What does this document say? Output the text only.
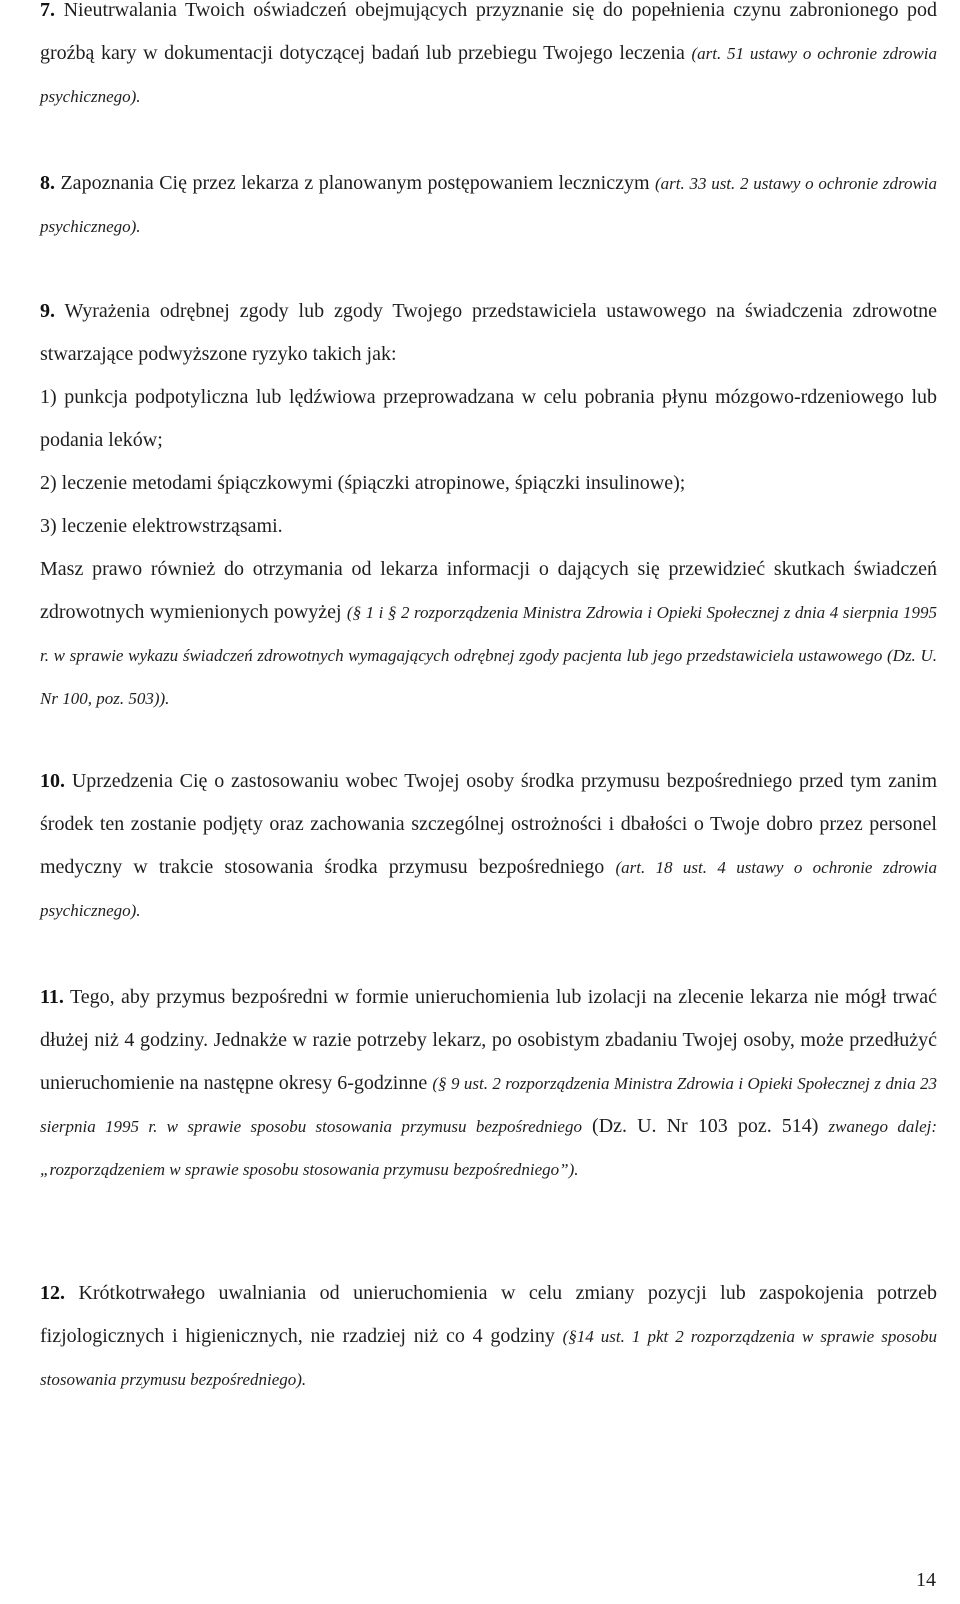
7. Nieutrwalania Twoich oświadczeń obejmujących przyznanie się do popełnienia czynu zabronionego pod groźbą kary w dokumentacji dotyczącej badań lub przebiegu Twojego leczenia (art. 51 ustawy o ochronie zdrowia psychicznego).

8. Zapoznania Cię przez lekarza z planowanym postępowaniem leczniczym (art. 33 ust. 2 ustawy o ochronie zdrowia psychicznego).

9. Wyrażenia odrębnej zgody lub zgody Twojego przedstawiciela ustawowego na świadczenia zdrowotne stwarzające podwyższone ryzyko takich jak:
1) punkcja podpotyliczna lub lędźwiowa przeprowadzana w celu pobrania płynu mózgowo-rdzeniowego lub podania leków;
2) leczenie metodami śpiączkowymi (śpiączki atropinowe, śpiączki insulinowe);
3) leczenie elektrowstrząsami.
Masz prawo również do otrzymania od lekarza informacji o dających się przewidzieć skutkach świadczeń zdrowotnych wymienionych powyżej (§ 1 i § 2 rozporządzenia Ministra Zdrowia i Opieki Społecznej z dnia 4 sierpnia 1995 r. w sprawie wykazu świadczeń zdrowotnych wymagających odrębnej zgody pacjenta lub jego przedstawiciela ustawowego (Dz. U. Nr 100, poz. 503)).

10. Uprzedzenia Cię o zastosowaniu wobec Twojej osoby środka przymusu bezpośredniego przed tym zanim środek ten zostanie podjęty oraz zachowania szczególnej ostrożności i dbałości o Twoje dobro przez personel medyczny w trakcie stosowania środka przymusu bezpośredniego (art. 18 ust. 4 ustawy o ochronie zdrowia psychicznego).

11. Tego, aby przymus bezpośredni w formie unieruchomienia lub izolacji na zlecenie lekarza nie mógł trwać dłużej niż 4 godziny. Jednakże w razie potrzeby lekarz, po osobistym zbadaniu Twojej osoby, może przedłużyć unieruchomienie na następne okresy 6-godzinne (§ 9 ust. 2 rozporządzenia Ministra Zdrowia i Opieki Społecznej z dnia 23 sierpnia 1995 r. w sprawie sposobu stosowania przymusu bezpośredniego (Dz. U. Nr 103 poz. 514) zwanego dalej: „rozporządzeniem w sprawie sposobu stosowania przymusu bezpośredniego”).

12. Krótkotrwałego uwalniania od unieruchomienia w celu zmiany pozycji lub zaspokojenia potrzeb fizjologicznych i higienicznych, nie rzadziej niż co 4 godziny (§14 ust. 1 pkt 2 rozporządzenia w sprawie sposobu stosowania przymusu bezpośredniego).

14
